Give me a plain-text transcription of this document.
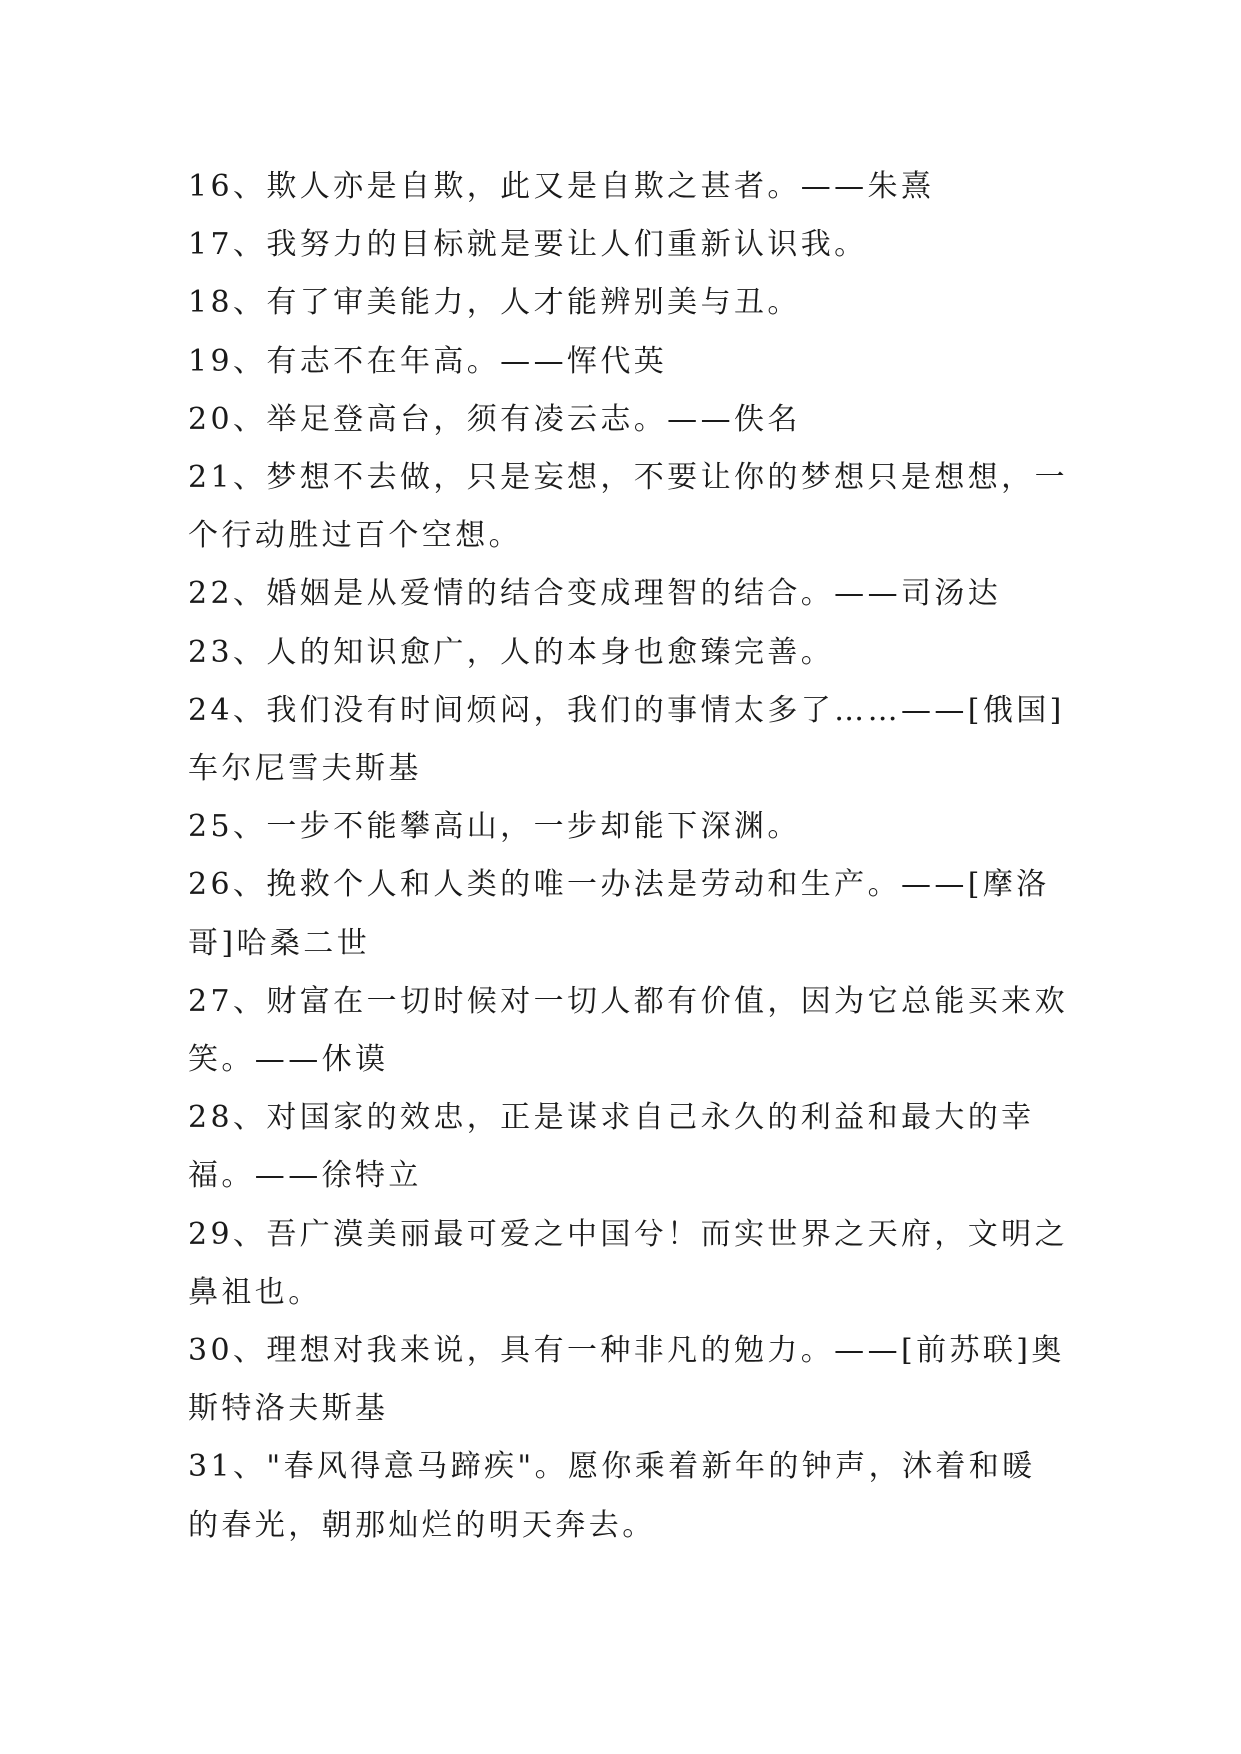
16、欺人亦是自欺，此又是自欺之甚者。——朱熹

17、我努力的目标就是要让人们重新认识我。

18、有了审美能力，人才能辨别美与丑。

19、有志不在年高。——恽代英

20、举足登高台，须有凌云志。——佚名

21、梦想不去做，只是妄想，不要让你的梦想只是想想，一个行动胜过百个空想。

22、婚姻是从爱情的结合变成理智的结合。——司汤达

23、人的知识愈广，人的本身也愈臻完善。

24、我们没有时间烦闷，我们的事情太多了……——[俄国]车尔尼雪夫斯基

25、一步不能攀高山，一步却能下深渊。

26、挽救个人和人类的唯一办法是劳动和生产。——[摩洛哥]哈桑二世

27、财富在一切时候对一切人都有价值，因为它总能买来欢笑。——休谟

28、对国家的效忠，正是谋求自己永久的利益和最大的幸福。——徐特立

29、吾广漠美丽最可爱之中国兮！而实世界之天府，文明之鼻祖也。

30、理想对我来说，具有一种非凡的勉力。——[前苏联]奥斯特洛夫斯基

31、"春风得意马蹄疾"。愿你乘着新年的钟声，沐着和暖的春光，朝那灿烂的明天奔去。
